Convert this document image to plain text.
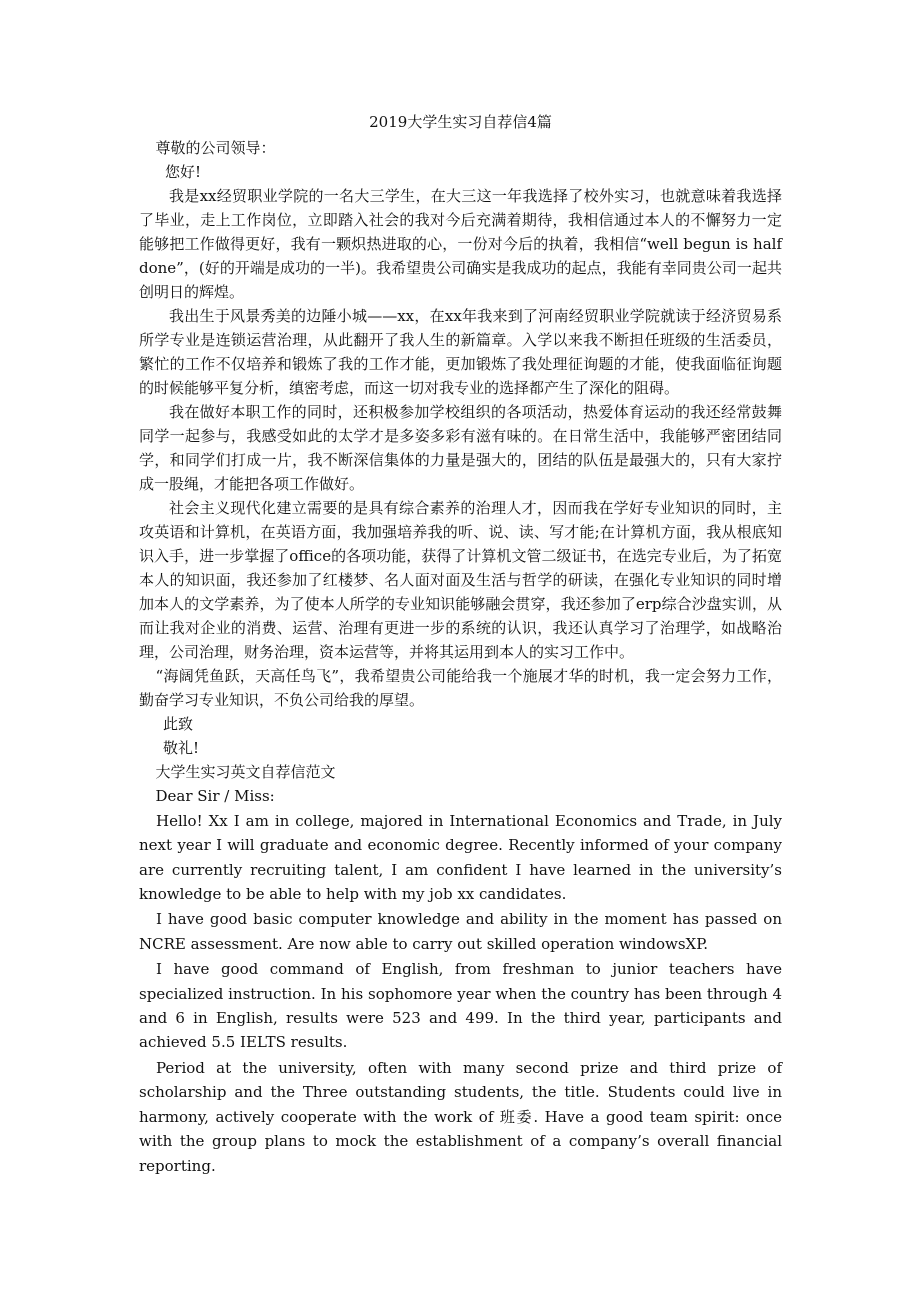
2019大学生实习自荐信4篇

尊敬的公司领导：

您好!

我是xx经贸职业学院的一名大三学生，在大三这一年我选择了校外实习，也就意味着我选择了毕业，走上工作岗位，立即踏入社会的我对今后充满着期待，我相信通过本人的不懈努力一定能够把工作做得更好，我有一颗炽热进取的心，一份对今后的执着，我相信“well begun is half done”，(好的开端是成功的一半)。我希望贵公司确实是我成功的起点，我能有幸同贵公司一起共创明日的辉煌。

我出生于风景秀美的边陲小城——xx，在xx年我来到了河南经贸职业学院就读于经济贸易系所学专业是连锁运营治理，从此翻开了我人生的新篇章。入学以来我不断担任班级的生活委员，繁忙的工作不仅培养和锻炼了我的工作才能，更加锻炼了我处理征询题的才能，使我面临征询题的时候能够平复分析，缜密考虑，而这一切对我专业的选择都产生了深化的阻碍。

我在做好本职工作的同时，还积极参加学校组织的各项活动，热爱体育运动的我还经常鼓舞同学一起参与，我感受如此的太学才是多姿多彩有滋有味的。在日常生活中，我能够严密团结同学，和同学们打成一片，我不断深信集体的力量是强大的，团结的队伍是最强大的，只有大家拧成一股绳，才能把各项工作做好。

社会主义现代化建立需要的是具有综合素养的治理人才，因而我在学好专业知识的同时，主攻英语和计算机，在英语方面，我加强培养我的听、说、读、写才能;在计算机方面，我从根底知识入手，进一步掌握了office的各项功能，获得了计算机文管二级证书，在选完专业后，为了拓宽本人的知识面，我还参加了红楼梦、名人面对面及生活与哲学的研读，在强化专业知识的同时增加本人的文学素养，为了使本人所学的专业知识能够融会贯穿，我还参加了erp综合沙盘实训，从而让我对企业的消费、运营、治理有更进一步的系统的认识，我还认真学习了治理学，如战略治理，公司治理，财务治理，资本运营等，并将其运用到本人的实习工作中。

“海阔凭鱼跃，天高任鸟飞”，我希望贵公司能给我一个施展才华的时机，我一定会努力工作，勤奋学习专业知识，不负公司给我的厚望。

此致

敬礼!

大学生实习英文自荐信范文

Dear Sir / Miss:

Hello! Xx I am in college, majored in International Economics and Trade, in July next year I will graduate and economic degree. Recently informed of your company are currently recruiting talent, I am confident I have learned in the university’s knowledge to be able to help with my job xx candidates.

I have good basic computer knowledge and ability in the moment has passed on NCRE assessment. Are now able to carry out skilled operation windowsXP.

I have good command of English, from freshman to junior teachers have specialized instruction. In his sophomore year when the country has been through 4 and 6 in English, results were 523 and 499. In the third year, participants and achieved 5.5 IELTS results.

Period at the university, often with many second prize and third prize of scholarship and the Three outstanding students, the title. Students could live in harmony, actively cooperate with the work of 班委. Have a good team spirit: once with the group plans to mock the establishment of a company’s overall financial reporting.
